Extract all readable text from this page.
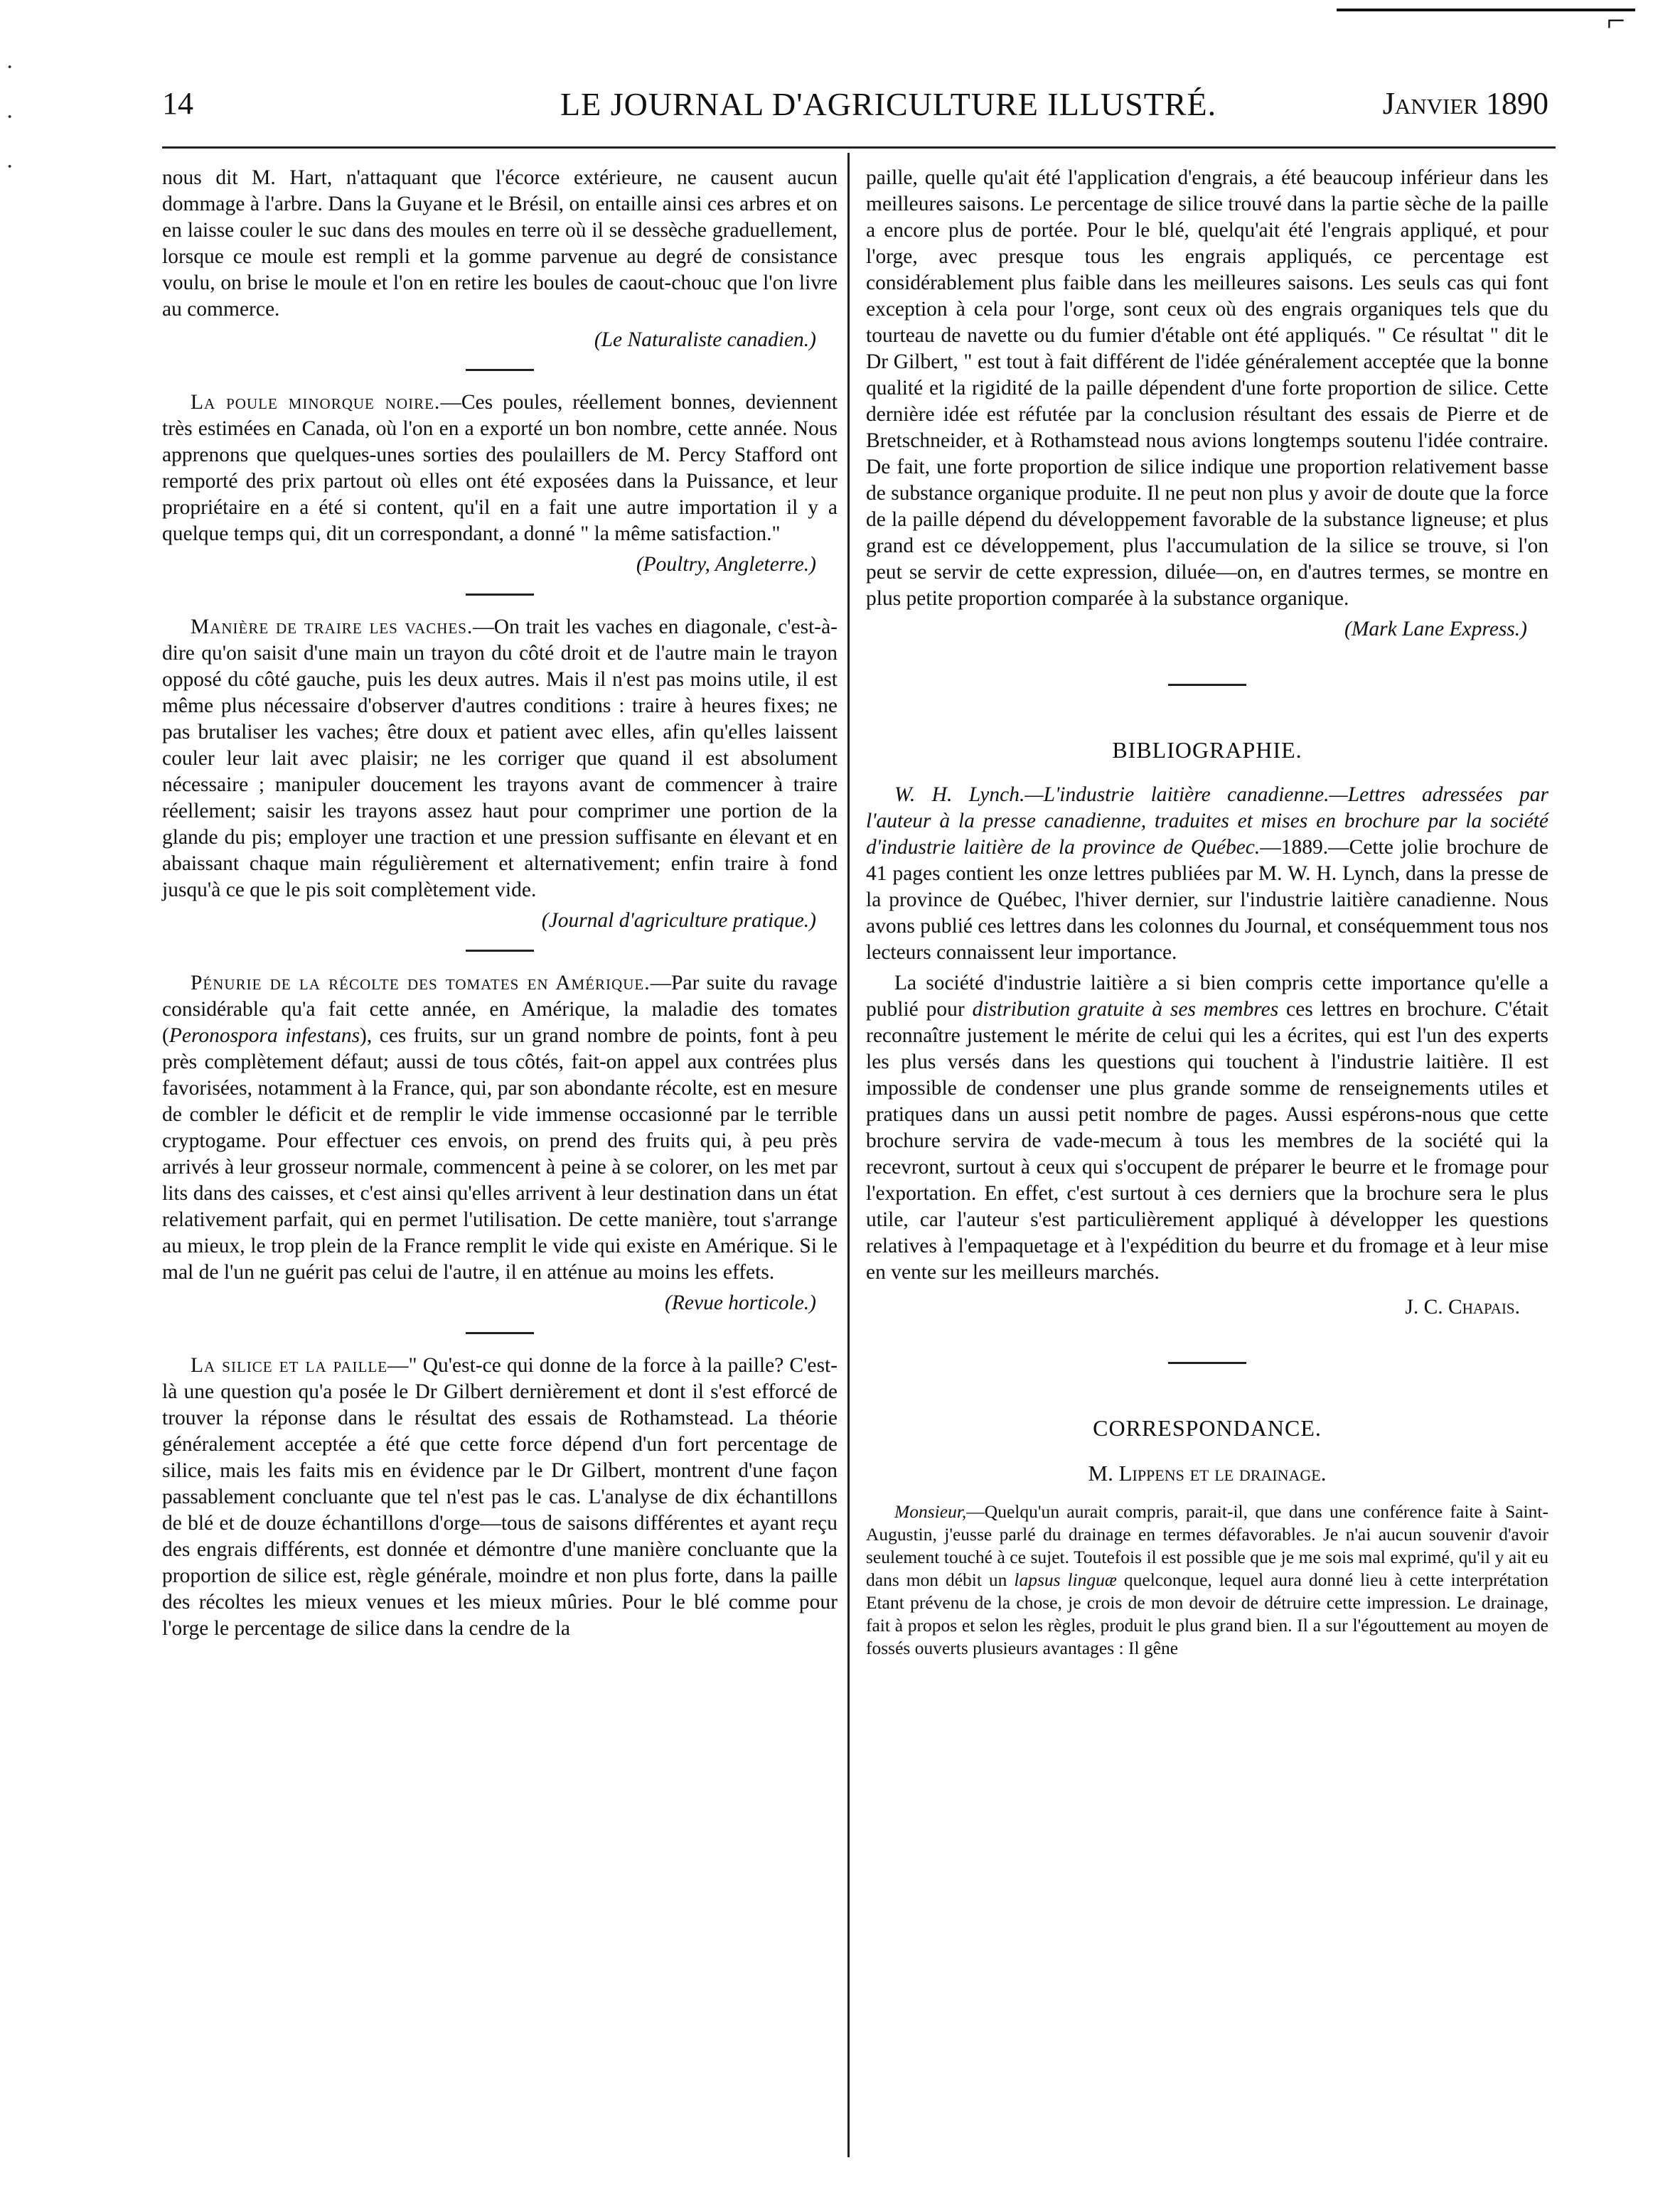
⌐
·
·
·
14	LE JOURNAL D'AGRICULTURE ILLUSTRÉ.	Janvier 1890

nous dit M. Hart, n'attaquant que l'écorce extérieure, ne causent aucun dommage à l'arbre. Dans la Guyane et le Brésil, on entaille ainsi ces arbres et on en laisse couler le suc dans des moules en terre où il se dessèche graduellement, lorsque ce moule est rempli et la gomme parvenue au degré de consistance voulu, on brise le moule et l'on en retire les boules de caout-chouc que l'on livre au commerce.

(Le Naturaliste canadien.)

La poule minorque noire.—Ces poules, réellement bonnes, deviennent très estimées en Canada, où l'on en a exporté un bon nombre, cette année. Nous apprenons que quelques-unes sorties des poulaillers de M. Percy Stafford ont remporté des prix partout où elles ont été exposées dans la Puissance, et leur propriétaire en a été si content, qu'il en a fait une autre importation il y a quelque temps qui, dit un correspondant, a donné " la même satisfaction."

(Poultry, Angleterre.)

Manière de traire les vaches.—On trait les vaches en diagonale, c'est-à-dire qu'on saisit d'une main un trayon du côté droit et de l'autre main le trayon opposé du côté gauche, puis les deux autres. Mais il n'est pas moins utile, il est même plus nécessaire d'observer d'autres conditions : traire à heures fixes; ne pas brutaliser les vaches; être doux et patient avec elles, afin qu'elles laissent couler leur lait avec plaisir; ne les corriger que quand il est absolument nécessaire ; manipuler doucement les trayons avant de commencer à traire réellement; saisir les trayons assez haut pour comprimer une portion de la glande du pis; employer une traction et une pression suffisante en élevant et en abaissant chaque main régulièrement et alternativement; enfin traire à fond jusqu'à ce que le pis soit complètement vide.

(Journal d'agriculture pratique.)

Pénurie de la récolte des tomates en Amérique.—Par suite du ravage considérable qu'a fait cette année, en Amérique, la maladie des tomates (Peronospora infestans), ces fruits, sur un grand nombre de points, font à peu près complètement défaut; aussi de tous côtés, fait-on appel aux contrées plus favorisées, notamment à la France, qui, par son abondante récolte, est en mesure de combler le déficit et de remplir le vide immense occasionné par le terrible cryptogame. Pour effectuer ces envois, on prend des fruits qui, à peu près arrivés à leur grosseur normale, commencent à peine à se colorer, on les met par lits dans des caisses, et c'est ainsi qu'elles arrivent à leur destination dans un état relativement parfait, qui en permet l'utilisation. De cette manière, tout s'arrange au mieux, le trop plein de la France remplit le vide qui existe en Amérique. Si le mal de l'un ne guérit pas celui de l'autre, il en atténue au moins les effets.

(Revue horticole.)

La silice et la paille—" Qu'est-ce qui donne de la force à la paille? C'est-là une question qu'a posée le Dr Gilbert dernièrement et dont il s'est efforcé de trouver la réponse dans le résultat des essais de Rothamstead. La théorie généralement acceptée a été que cette force dépend d'un fort percentage de silice, mais les faits mis en évidence par le Dr Gilbert, montrent d'une façon passablement concluante que tel n'est pas le cas. L'analyse de dix échantillons de blé et de douze échantillons d'orge—tous de saisons différentes et ayant reçu des engrais différents, est donnée et démontre d'une manière concluante que la proportion de silice est, règle générale, moindre et non plus forte, dans la paille des récoltes les mieux venues et les mieux mûries. Pour le blé comme pour l'orge le percentage de silice dans la cendre de la

paille, quelle qu'ait été l'application d'engrais, a été beaucoup inférieur dans les meilleures saisons. Le percentage de silice trouvé dans la partie sèche de la paille a encore plus de portée. Pour le blé, quelqu'ait été l'engrais appliqué, et pour l'orge, avec presque tous les engrais appliqués, ce percentage est considérablement plus faible dans les meilleures saisons. Les seuls cas qui font exception à cela pour l'orge, sont ceux où des engrais organiques tels que du tourteau de navette ou du fumier d'étable ont été appliqués. " Ce résultat " dit le Dr Gilbert, " est tout à fait différent de l'idée généralement acceptée que la bonne qualité et la rigidité de la paille dépendent d'une forte proportion de silice. Cette dernière idée est réfutée par la conclusion résultant des essais de Pierre et de Bretschneider, et à Rothamstead nous avions longtemps soutenu l'idée contraire. De fait, une forte proportion de silice indique une proportion relativement basse de substance organique produite. Il ne peut non plus y avoir de doute que la force de la paille dépend du développement favorable de la substance ligneuse; et plus grand est ce développement, plus l'accumulation de la silice se trouve, si l'on peut se servir de cette expression, diluée—on, en d'autres termes, se montre en plus petite proportion comparée à la substance organique.

(Mark Lane Express.)
BIBLIOGRAPHIE.

W. H. Lynch.—L'industrie laitière canadienne.—Lettres adressées par l'auteur à la presse canadienne, traduites et mises en brochure par la société d'industrie laitière de la province de Québec.—1889.—Cette jolie brochure de 41 pages contient les onze lettres publiées par M. W. H. Lynch, dans la presse de la province de Québec, l'hiver dernier, sur l'industrie laitière canadienne. Nous avons publié ces lettres dans les colonnes du Journal, et conséquemment tous nos lecteurs connaissent leur importance.

La société d'industrie laitière a si bien compris cette importance qu'elle a publié pour distribution gratuite à ses membres ces lettres en brochure. C'était reconnaître justement le mérite de celui qui les a écrites, qui est l'un des experts les plus versés dans les questions qui touchent à l'industrie laitière. Il est impossible de condenser une plus grande somme de renseignements utiles et pratiques dans un aussi petit nombre de pages. Aussi espérons-nous que cette brochure servira de vade-mecum à tous les membres de la société qui la recevront, surtout à ceux qui s'occupent de préparer le beurre et le fromage pour l'exportation. En effet, c'est surtout à ces derniers que la brochure sera le plus utile, car l'auteur s'est particulièrement appliqué à développer les questions relatives à l'empaquetage et à l'expédition du beurre et du fromage et à leur mise en vente sur les meilleurs marchés.

J. C. Chapais.
CORRESPONDANCE.
M. Lippens et le drainage.

Monsieur,—Quelqu'un aurait compris, parait-il, que dans une conférence faite à Saint-Augustin, j'eusse parlé du drainage en termes défavorables. Je n'ai aucun souvenir d'avoir seulement touché à ce sujet. Toutefois il est possible que je me sois mal exprimé, qu'il y ait eu dans mon débit un lapsus linguæ quelconque, lequel aura donné lieu à cette interprétation Etant prévenu de la chose, je crois de mon devoir de détruire cette impression. Le drainage, fait à propos et selon les règles, produit le plus grand bien. Il a sur l'égouttement au moyen de fossés ouverts plusieurs avantages : Il gêne
